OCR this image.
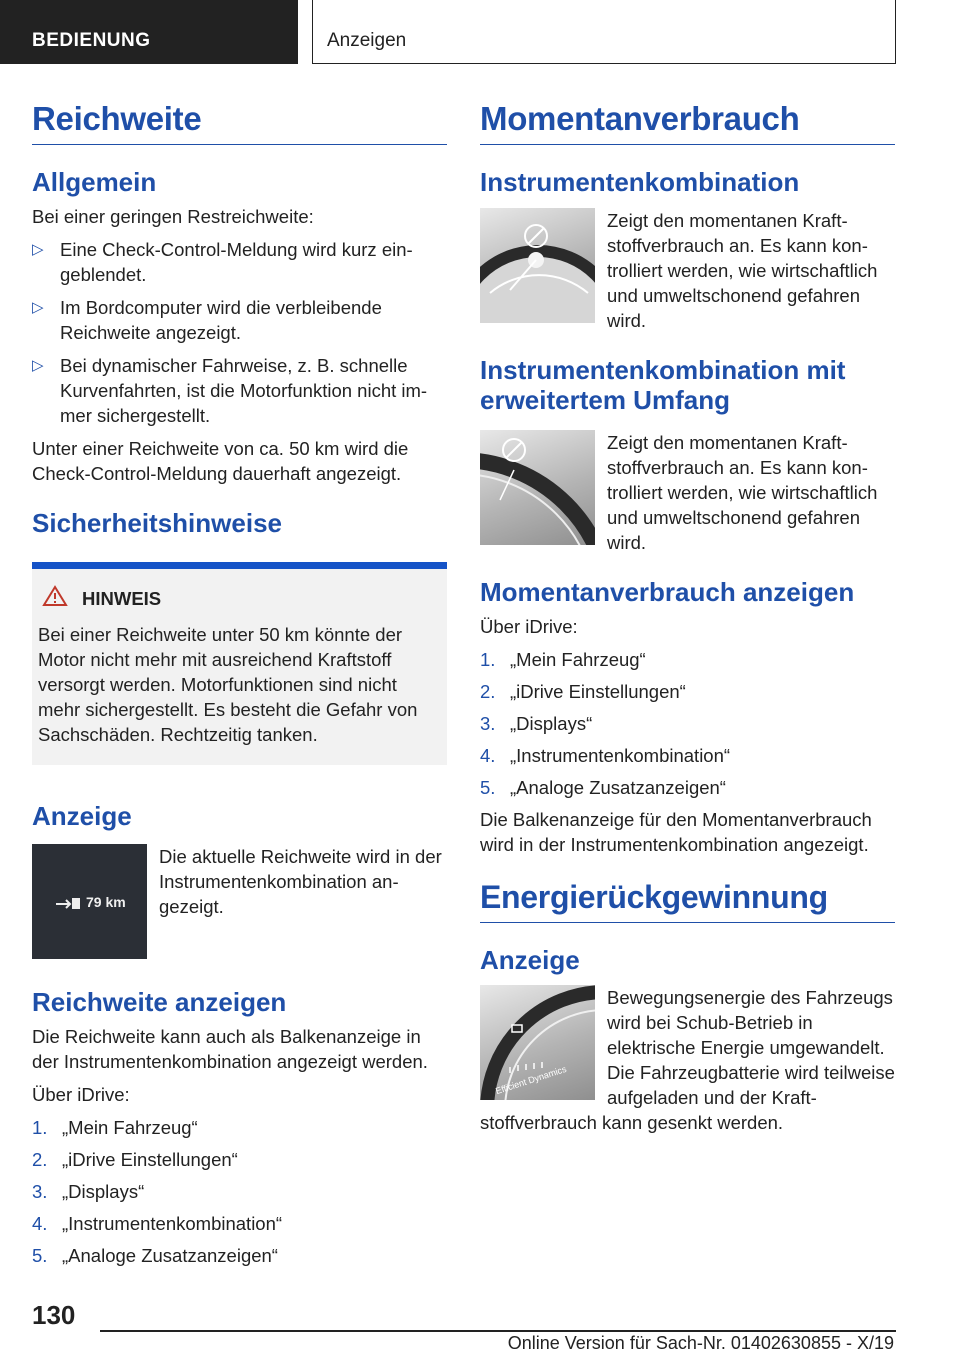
BEDIENUNG	Anzeigen
Reichweite
Allgemein
Bei einer geringen Restreichweite:
▷ Eine Check-Control-Meldung wird kurz eingeblendet.
▷ Im Bordcomputer wird die verbleibende Reichweite angezeigt.
▷ Bei dynamischer Fahrweise, z. B. schnelle Kurvenfahrten, ist die Motorfunktion nicht immer sichergestellt.
Unter einer Reichweite von ca. 50 km wird die Check-Control-Meldung dauerhaft angezeigt.
Sicherheitshinweise
HINWEIS
Bei einer Reichweite unter 50 km könnte der Motor nicht mehr mit ausreichend Kraftstoff versorgt werden. Motorfunktionen sind nicht mehr sichergestellt. Es besteht die Gefahr von Sachschäden. Rechtzeitig tanken.
Anzeige
79 km
Die aktuelle Reichweite wird in der Instrumentenkombination angezeigt.
Reichweite anzeigen
Die Reichweite kann auch als Balkenanzeige in der Instrumentenkombination angezeigt werden.
Über iDrive:
1. „Mein Fahrzeug“
2. „iDrive Einstellungen“
3. „Displays“
4. „Instrumentenkombination“
5. „Analoge Zusatzanzeigen“
Momentanverbrauch
Instrumentenkombination
Zeigt den momentanen Kraftstoffverbrauch an. Es kann kontrolliert werden, wie wirtschaftlich und umweltschonend gefahren wird.
Instrumentenkombination mit erweitertem Umfang
Zeigt den momentanen Kraftstoffverbrauch an. Es kann kontrolliert werden, wie wirtschaftlich und umweltschonend gefahren wird.
Momentanverbrauch anzeigen
Über iDrive:
1. „Mein Fahrzeug“
2. „iDrive Einstellungen“
3. „Displays“
4. „Instrumentenkombination“
5. „Analoge Zusatzanzeigen“
Die Balkenanzeige für den Momentanverbrauch wird in der Instrumentenkombination angezeigt.
Energierückgewinnung
Anzeige
Efficient Dynamics
Bewegungsenergie des Fahrzeugs wird bei Schub-Betrieb in elektrische Energie umgewandelt. Die Fahrzeugbatterie wird teilweise aufgeladen und der Kraftstoffverbrauch kann gesenkt werden.
130
Online Version für Sach-Nr. 01402630855 - X/19
